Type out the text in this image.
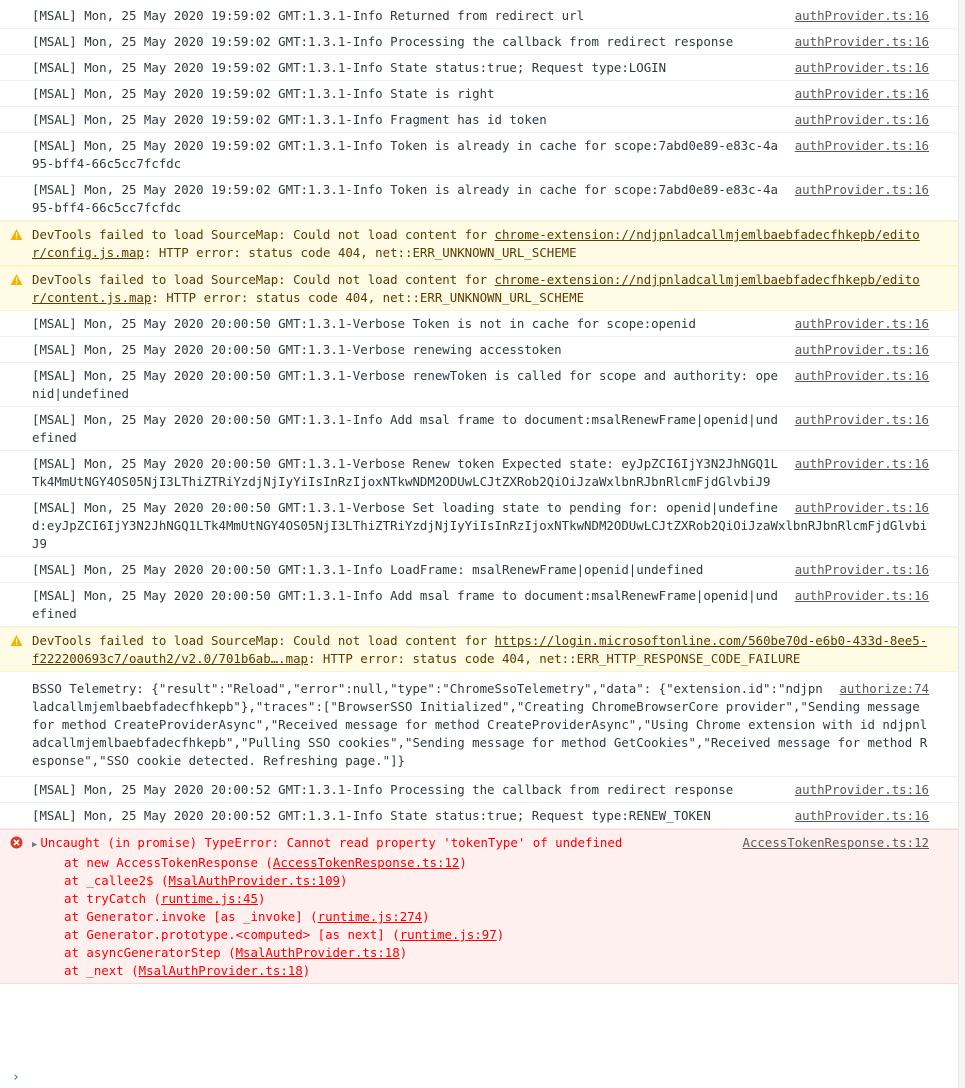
authProvider.ts:16
[MSAL] Mon, 25 May 2020 19:59:02 GMT:1.3.1-Info Returned from redirect url
authProvider.ts:16
[MSAL] Mon, 25 May 2020 19:59:02 GMT:1.3.1-Info Processing the callback from redirect response
authProvider.ts:16
[MSAL] Mon, 25 May 2020 19:59:02 GMT:1.3.1-Info State status:true; Request type:LOGIN
authProvider.ts:16
[MSAL] Mon, 25 May 2020 19:59:02 GMT:1.3.1-Info State is right
authProvider.ts:16
[MSAL] Mon, 25 May 2020 19:59:02 GMT:1.3.1-Info Fragment has id token
authProvider.ts:16
[MSAL] Mon, 25 May 2020 19:59:02 GMT:1.3.1-Info Token is already in cache for scope:7abd0e89-e83c-4a95-bff4-66c5cc7fcfdc
authProvider.ts:16
[MSAL] Mon, 25 May 2020 19:59:02 GMT:1.3.1-Info Token is already in cache for scope:7abd0e89-e83c-4a95-bff4-66c5cc7fcfdc
DevTools failed to load SourceMap: Could not load content for chrome-extension://ndjpnladcallmjemlbaebfadecfhkepb/editor/config.js.map: HTTP error: status code 404, net::ERR_UNKNOWN_URL_SCHEME
DevTools failed to load SourceMap: Could not load content for chrome-extension://ndjpnladcallmjemlbaebfadecfhkepb/editor/content.js.map: HTTP error: status code 404, net::ERR_UNKNOWN_URL_SCHEME
authProvider.ts:16
[MSAL] Mon, 25 May 2020 20:00:50 GMT:1.3.1-Verbose Token is not in cache for scope:openid
authProvider.ts:16
[MSAL] Mon, 25 May 2020 20:00:50 GMT:1.3.1-Verbose renewing accesstoken
authProvider.ts:16
[MSAL] Mon, 25 May 2020 20:00:50 GMT:1.3.1-Verbose renewToken is called for scope and authority: openid|undefined
authProvider.ts:16
[MSAL] Mon, 25 May 2020 20:00:50 GMT:1.3.1-Info Add msal frame to document:msalRenewFrame|openid|undefined
authProvider.ts:16
[MSAL] Mon, 25 May 2020 20:00:50 GMT:1.3.1-Verbose Renew token Expected state: eyJpZCI6IjY3N2JhNGQ1LTk4MmUtNGY4OS05NjI3LThiZTRiYzdjNjIyYiIsInRzIjoxNTkwNDM2ODUwLCJtZXRob2QiOiJzaWxlbnRJbnRlcmFjdGlvbiJ9
authProvider.ts:16
[MSAL] Mon, 25 May 2020 20:00:50 GMT:1.3.1-Verbose Set loading state to pending for: openid|undefined:eyJpZCI6IjY3N2JhNGQ1LTk4MmUtNGY4OS05NjI3LThiZTRiYzdjNjIyYiIsInRzIjoxNTkwNDM2ODUwLCJtZXRob2QiOiJzaWxlbnRJbnRlcmFjdGlvbiJ9
authProvider.ts:16
[MSAL] Mon, 25 May 2020 20:00:50 GMT:1.3.1-Info LoadFrame: msalRenewFrame|openid|undefined
authProvider.ts:16
[MSAL] Mon, 25 May 2020 20:00:50 GMT:1.3.1-Info Add msal frame to document:msalRenewFrame|openid|undefined
DevTools failed to load SourceMap: Could not load content for https://login.microsoftonline.com/560be70d-e6b0-433d-8ee5-f222200693c7/oauth2/v2.0/701b6ab….map: HTTP error: status code 404, net::ERR_HTTP_RESPONSE_CODE_FAILURE
authorize:74
BSSO Telemetry: {"result":"Reload","error":null,"type":"ChromeSsoTelemetry","data": {"extension.id":"ndjpnladcallmjemlbaebfadecfhkepb"},"traces":["BrowserSSO Initialized","Creating ChromeBrowserCore provider","Sending message for method CreateProviderAsync","Received message for method CreateProviderAsync","Using Chrome extension with id ndjpnladcallmjemlbaebfadecfhkepb","Pulling SSO cookies","Sending message for method GetCookies","Received message for method Response","SSO cookie detected. Refreshing page."]}
authProvider.ts:16
[MSAL] Mon, 25 May 2020 20:00:52 GMT:1.3.1-Info Processing the callback from redirect response
authProvider.ts:16
[MSAL] Mon, 25 May 2020 20:00:52 GMT:1.3.1-Info State status:true; Request type:RENEW_TOKEN
AccessTokenResponse.ts:12
▶ Uncaught (in promise) TypeError: Cannot read property 'tokenType' of undefined
at new AccessTokenResponse (AccessTokenResponse.ts:12)
at _callee2$ (MsalAuthProvider.ts:109)
at tryCatch (runtime.js:45)
at Generator.invoke [as _invoke] (runtime.js:274)
at Generator.prototype.<computed> [as next] (runtime.js:97)
at asyncGeneratorStep (MsalAuthProvider.ts:18)
at _next (MsalAuthProvider.ts:18)
›
